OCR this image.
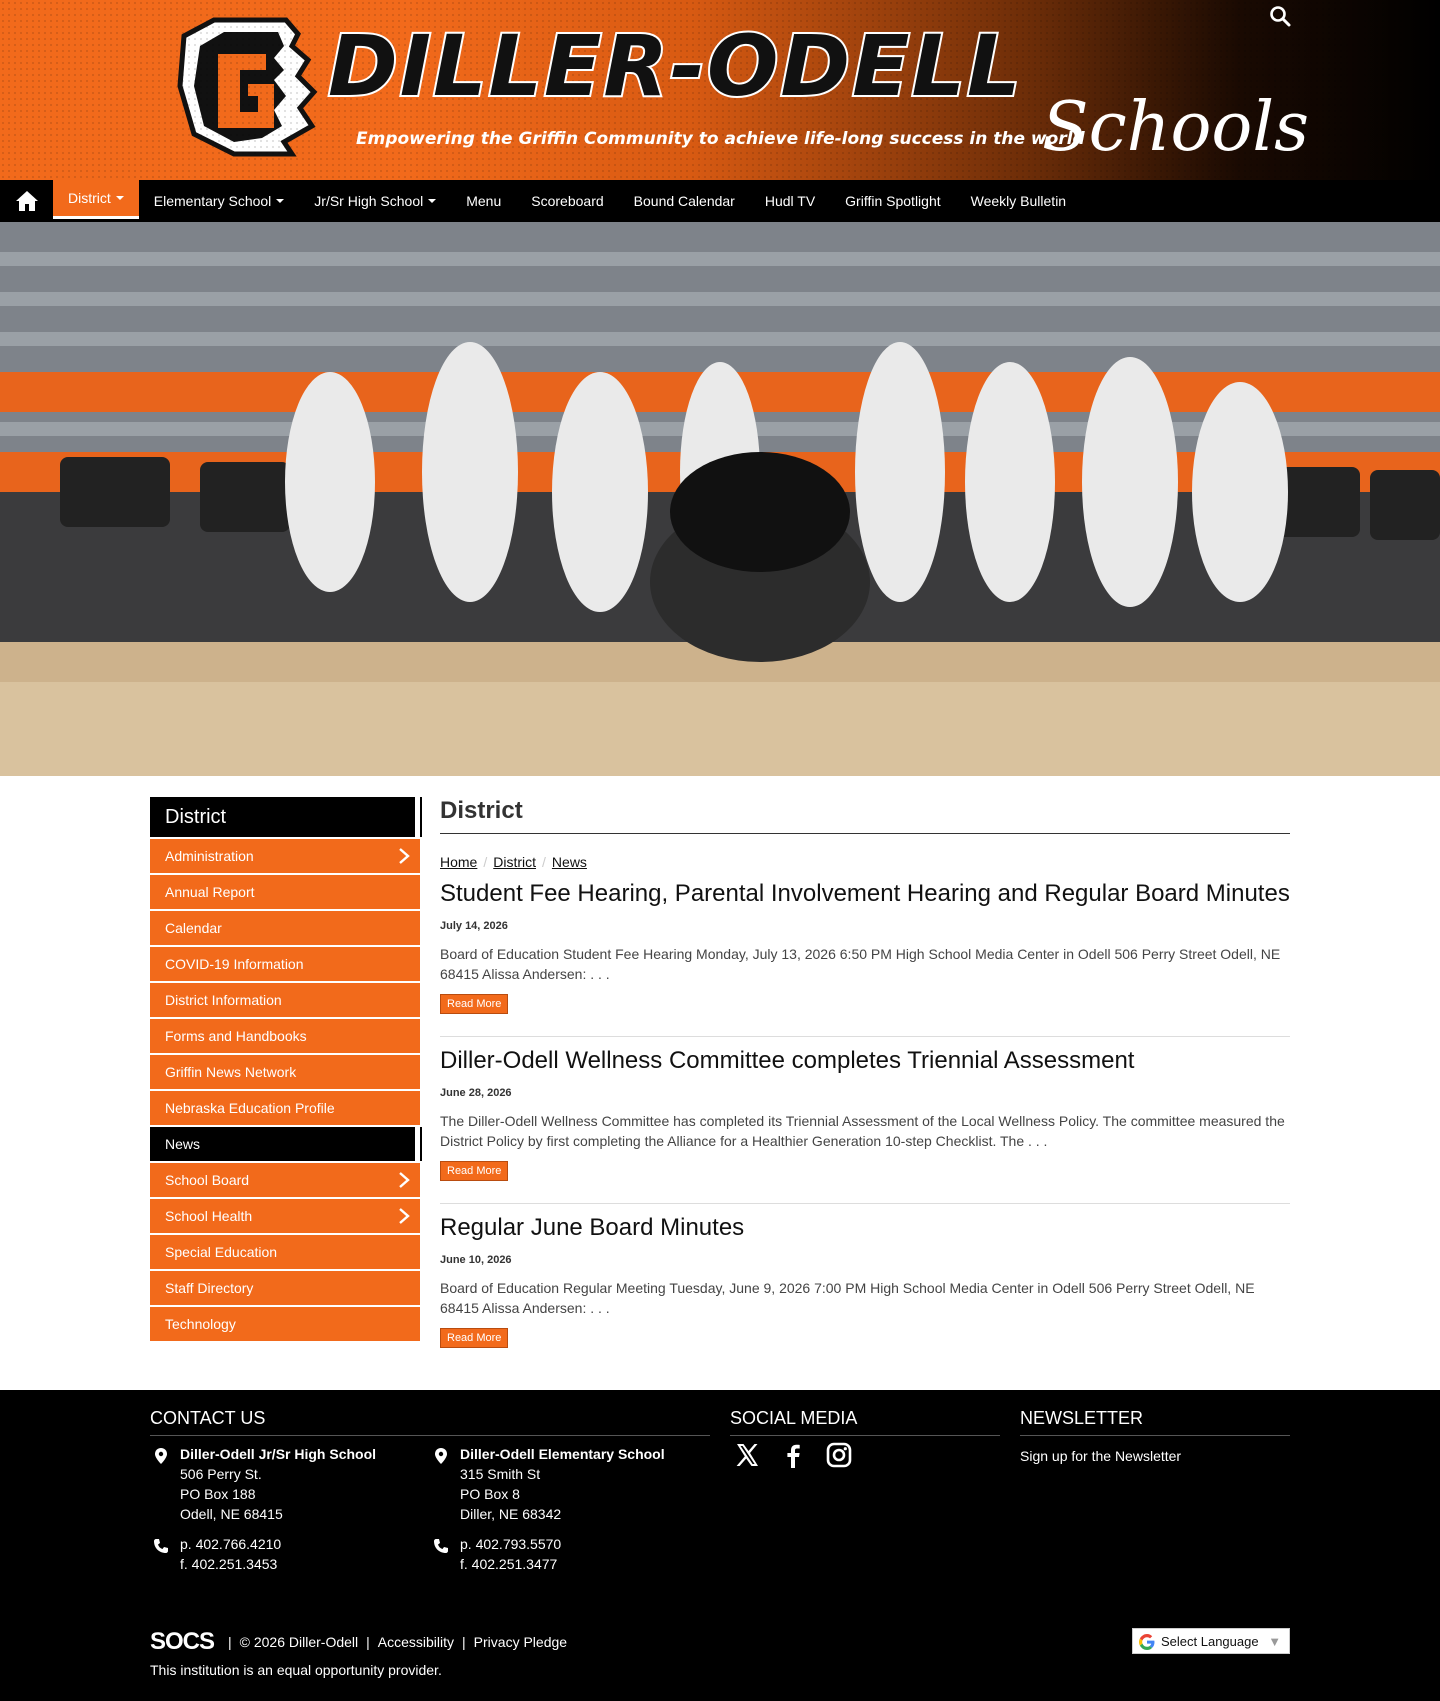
DILLER-ODELL
Empowering the Griffin Community to achieve life-long success in the world
Schools
District	Elementary School	Jr/Sr High School	Menu Scoreboard Bound Calendar Hudl TV Griffin Spotlight Weekly Bulletin
District
Administration
Annual Report
Calendar
COVID-19 Information
District Information
Forms and Handbooks
Griffin News Network
Nebraska Education Profile
News
School Board
School Health
Special Education
Staff Directory
Technology
District
Home / District / News
Student Fee Hearing, Parental Involvement Hearing and Regular Board Minutes
July 14, 2026
Board of Education Student Fee Hearing Monday, July 13, 2026 6:50 PM High School Media Center in Odell 506 Perry Street Odell, NE 68415 Alissa Andersen: . . .
Read More
Diller-Odell Wellness Committee completes Triennial Assessment
June 28, 2026
The Diller-Odell Wellness Committee has completed its Triennial Assessment of the Local Wellness Policy. The committee measured the District Policy by first completing the Alliance for a Healthier Generation 10-step Checklist. The . . .
Read More
Regular June Board Minutes
June 10, 2026
Board of Education Regular Meeting Tuesday, June 9, 2026 7:00 PM High School Media Center in Odell 506 Perry Street Odell, NE 68415 Alissa Andersen: . . .
Read More
CONTACT US	SOCIAL MEDIA	NEWSLETTER
Diller-Odell Jr/Sr High School
506 Perry St.
PO Box 188
Odell, NE 68415
p. 402.766.4210
f. 402.251.3453
Diller-Odell Elementary School
315 Smith St
PO Box 8
Diller, NE 68342
p. 402.793.5570
f. 402.251.3477
Sign up for the Newsletter
SOCS | © 2026 Diller-Odell | Accessibility | Privacy Pledge
This institution is an equal opportunity provider.
Select Language ▼
